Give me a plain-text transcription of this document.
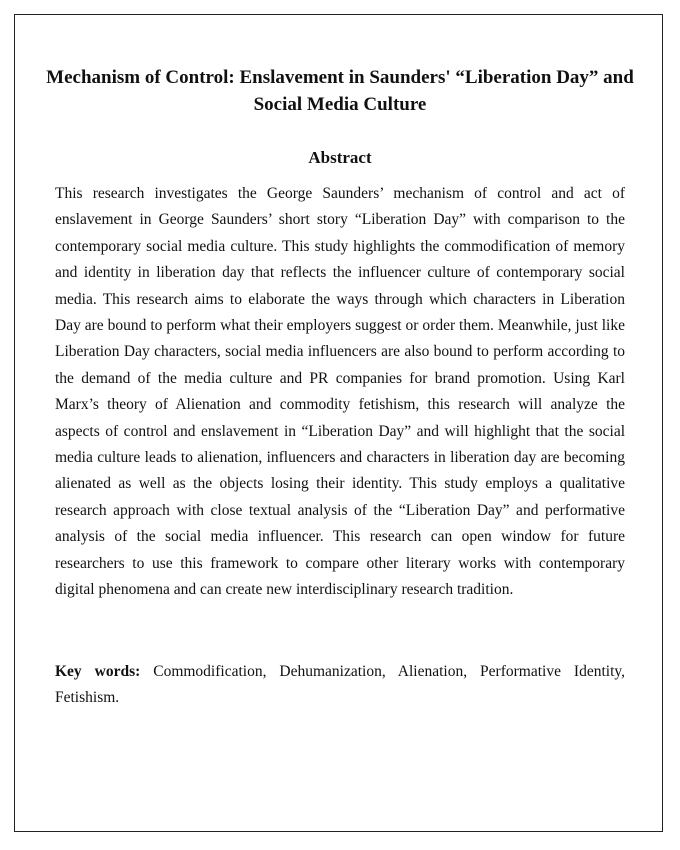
Mechanism of Control: Enslavement in Saunders' “Liberation Day” and Social Media Culture
Abstract

This research investigates the George Saunders’ mechanism of control and act of enslavement in George Saunders’ short story “Liberation Day” with comparison to the contemporary social media culture. This study highlights the commodification of memory and identity in liberation day that reflects the influencer culture of contemporary social media. This research aims to elaborate the ways through which characters in Liberation Day are bound to perform what their employers suggest or order them. Meanwhile, just like Liberation Day characters, social media influencers are also bound to perform according to the demand of the media culture and PR companies for brand promotion. Using Karl Marx’s theory of Alienation and commodity fetishism, this research will analyze the aspects of control and enslavement in “Liberation Day” and will highlight that the social media culture leads to alienation, influencers and characters in liberation day are becoming alienated as well as the objects losing their identity. This study employs a qualitative research approach with close textual analysis of the “Liberation Day” and performative analysis of the social media influencer. This research can open window for future researchers to use this framework to compare other literary works with contemporary digital phenomena and can create new interdisciplinary research tradition.

Key words: Commodification, Dehumanization, Alienation, Performative Identity, Fetishism.
